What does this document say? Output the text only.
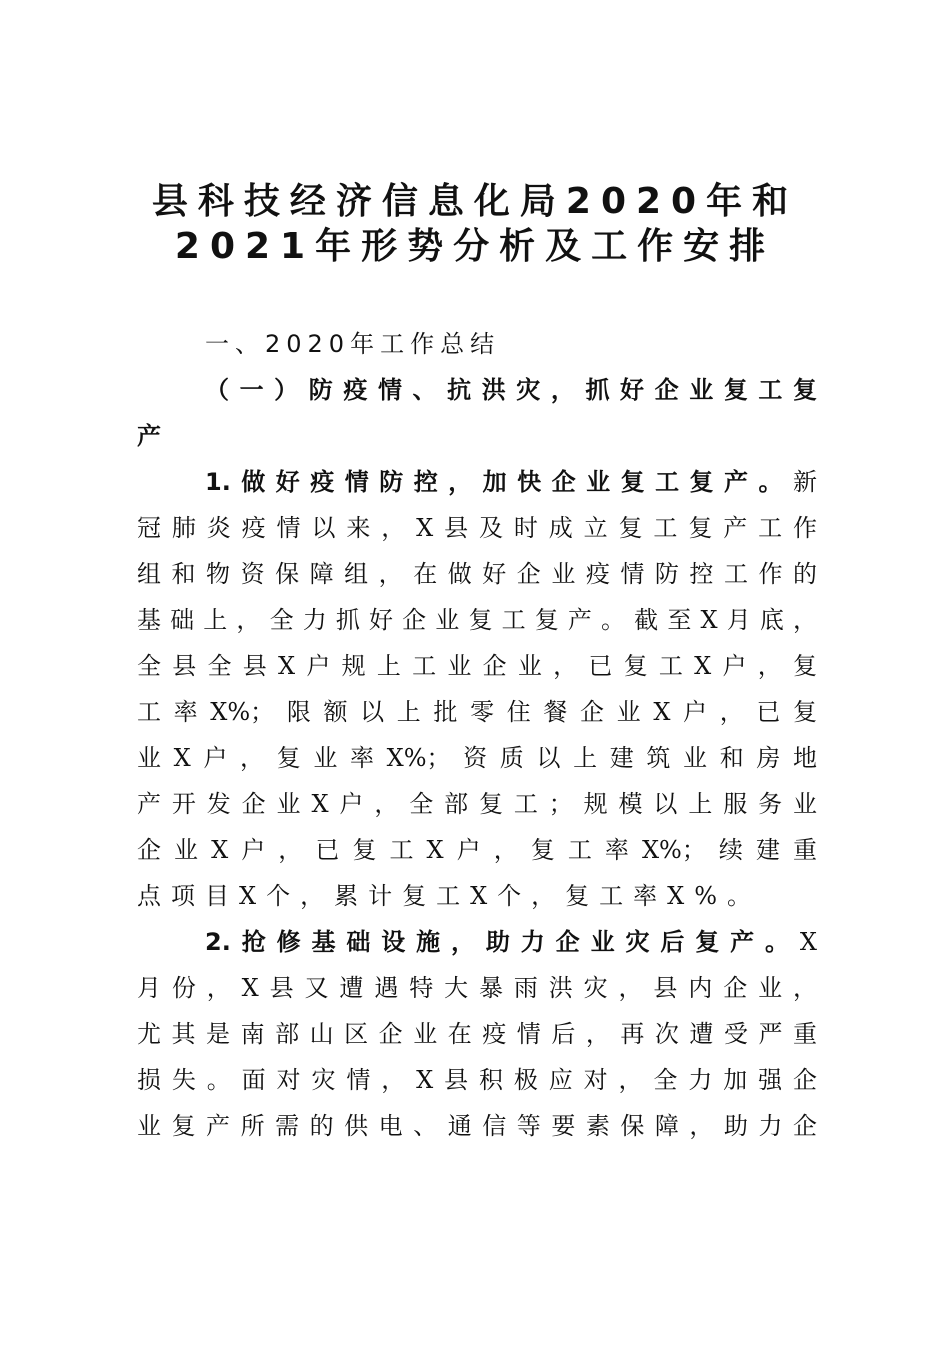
县科技经济信息化局2020年和
2021年形势分析及工作安排
一、2020年工作总结
（一）防疫情、抗洪灾，抓好企业复工复
产
1.做好疫情防控，加快企业复工复产。新
冠肺炎疫情以来，X县及时成立复工复产工作
组和物资保障组，在做好企业疫情防控工作的
基础上，全力抓好企业复工复产。截至X月底，
全县全县X户规上工业企业，已复工X户，复
工率X%；限额以上批零住餐企业X户，已复
业X户，复业率X%；资质以上建筑业和房地
产开发企业X户，全部复工；规模以上服务业
企业X户，已复工X户，复工率X%；续建重
点项目X个，累计复工X个，复工率X%。
2.抢修基础设施，助力企业灾后复产。X
月份，X县又遭遇特大暴雨洪灾，县内企业，
尤其是南部山区企业在疫情后，再次遭受严重
损失。面对灾情，X县积极应对，全力加强企
业复产所需的供电、通信等要素保障，助力企
